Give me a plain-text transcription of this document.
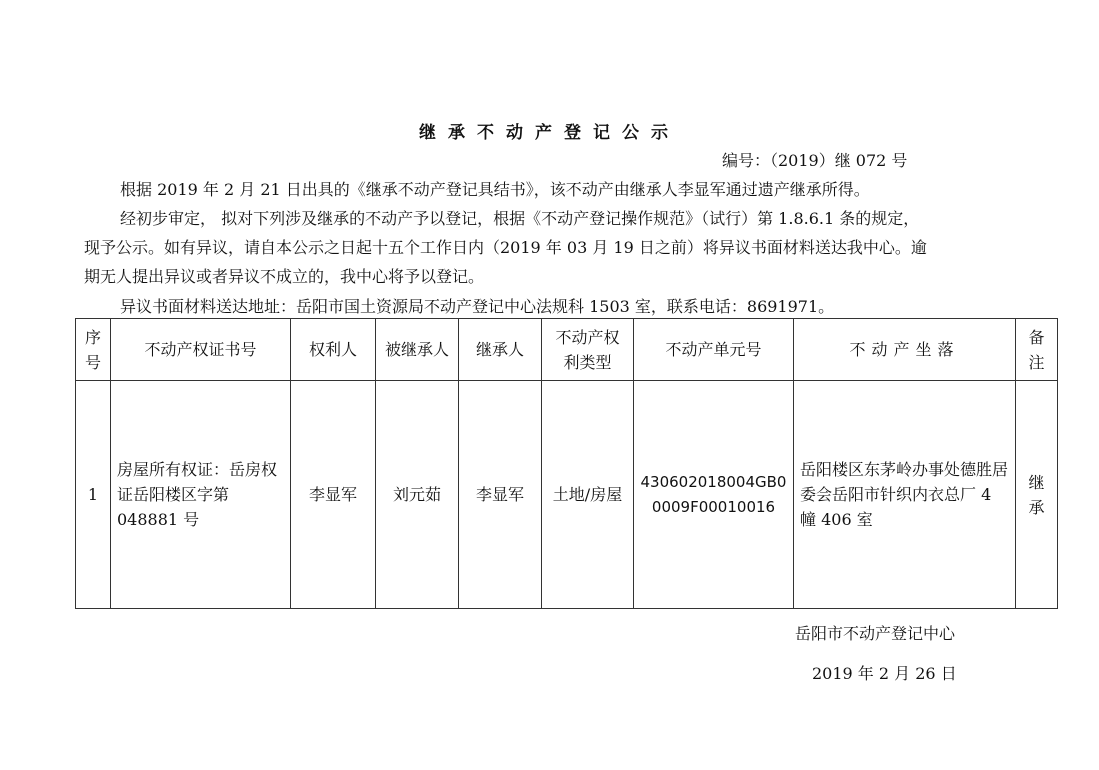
继承不动产登记公示
编号：（2019）继 072 号
根据 2019 年 2 月 21 日出具的《继承不动产登记具结书》，该不动产由继承人李显军通过遗产继承所得。
经初步审定， 拟对下列涉及继承的不动产予以登记，根据《不动产登记操作规范》（试行）第 1.8.6.1 条的规定，
现予公示。如有异议，请自本公示之日起十五个工作日内（2019 年 03 月 19 日之前）将异议书面材料送达我中心。逾
期无人提出异议或者异议不成立的，我中心将予以登记。
异议书面材料送达地址：岳阳市国土资源局不动产登记中心法规科 1503 室，联系电话：8691971。
序号	不动产权证书号	权利人	被继承人	继承人	不动产权利类型	不动产单元号	不动产坐落	备注
1	房屋所有权证：岳房权证岳阳楼区字第 048881 号	李显军	刘元茹	李显军	土地/房屋	430602018004GB00009F00010016	岳阳楼区东茅岭办事处德胜居委会岳阳市针织内衣总厂 4 幢 406 室	继承
岳阳市不动产登记中心
2019 年 2 月 26 日
